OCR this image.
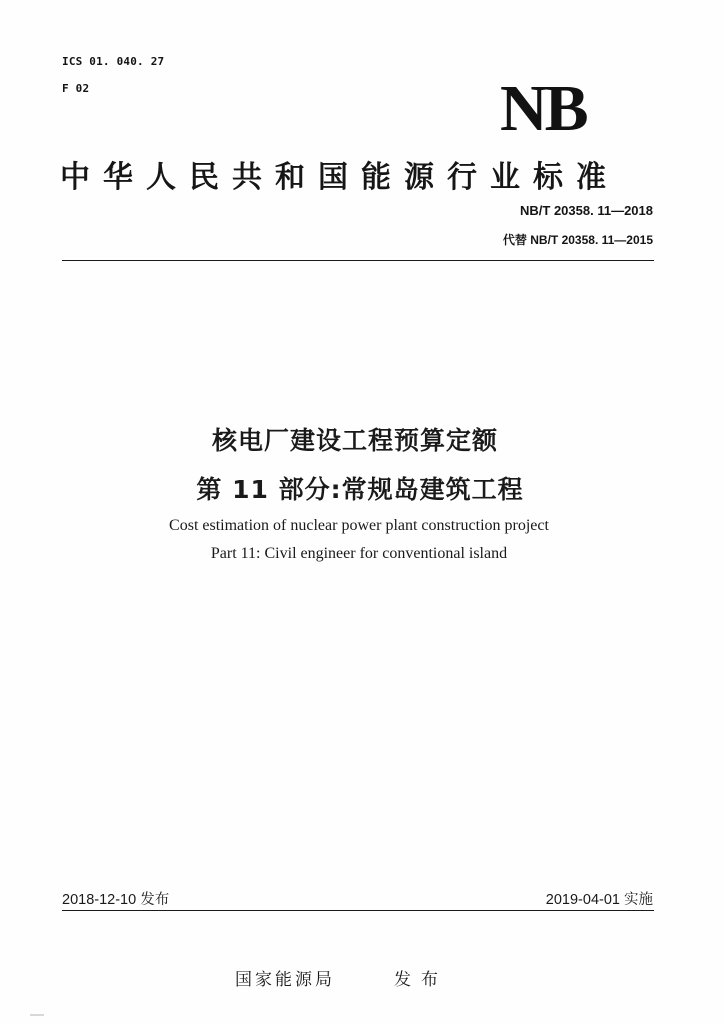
ICS 01. 040. 27
F 02	NB
中华人民共和国能源行业标准
NB/T 20358. 11—2018
代替 NB/T 20358. 11—2015
核电厂建设工程预算定额
第 11 部分:常规岛建筑工程
Cost estimation of nuclear power plant construction project
Part 11: Civil engineer for conventional island
2018-12-10 发布	2019-04-01 实施
国家能源局	发布
